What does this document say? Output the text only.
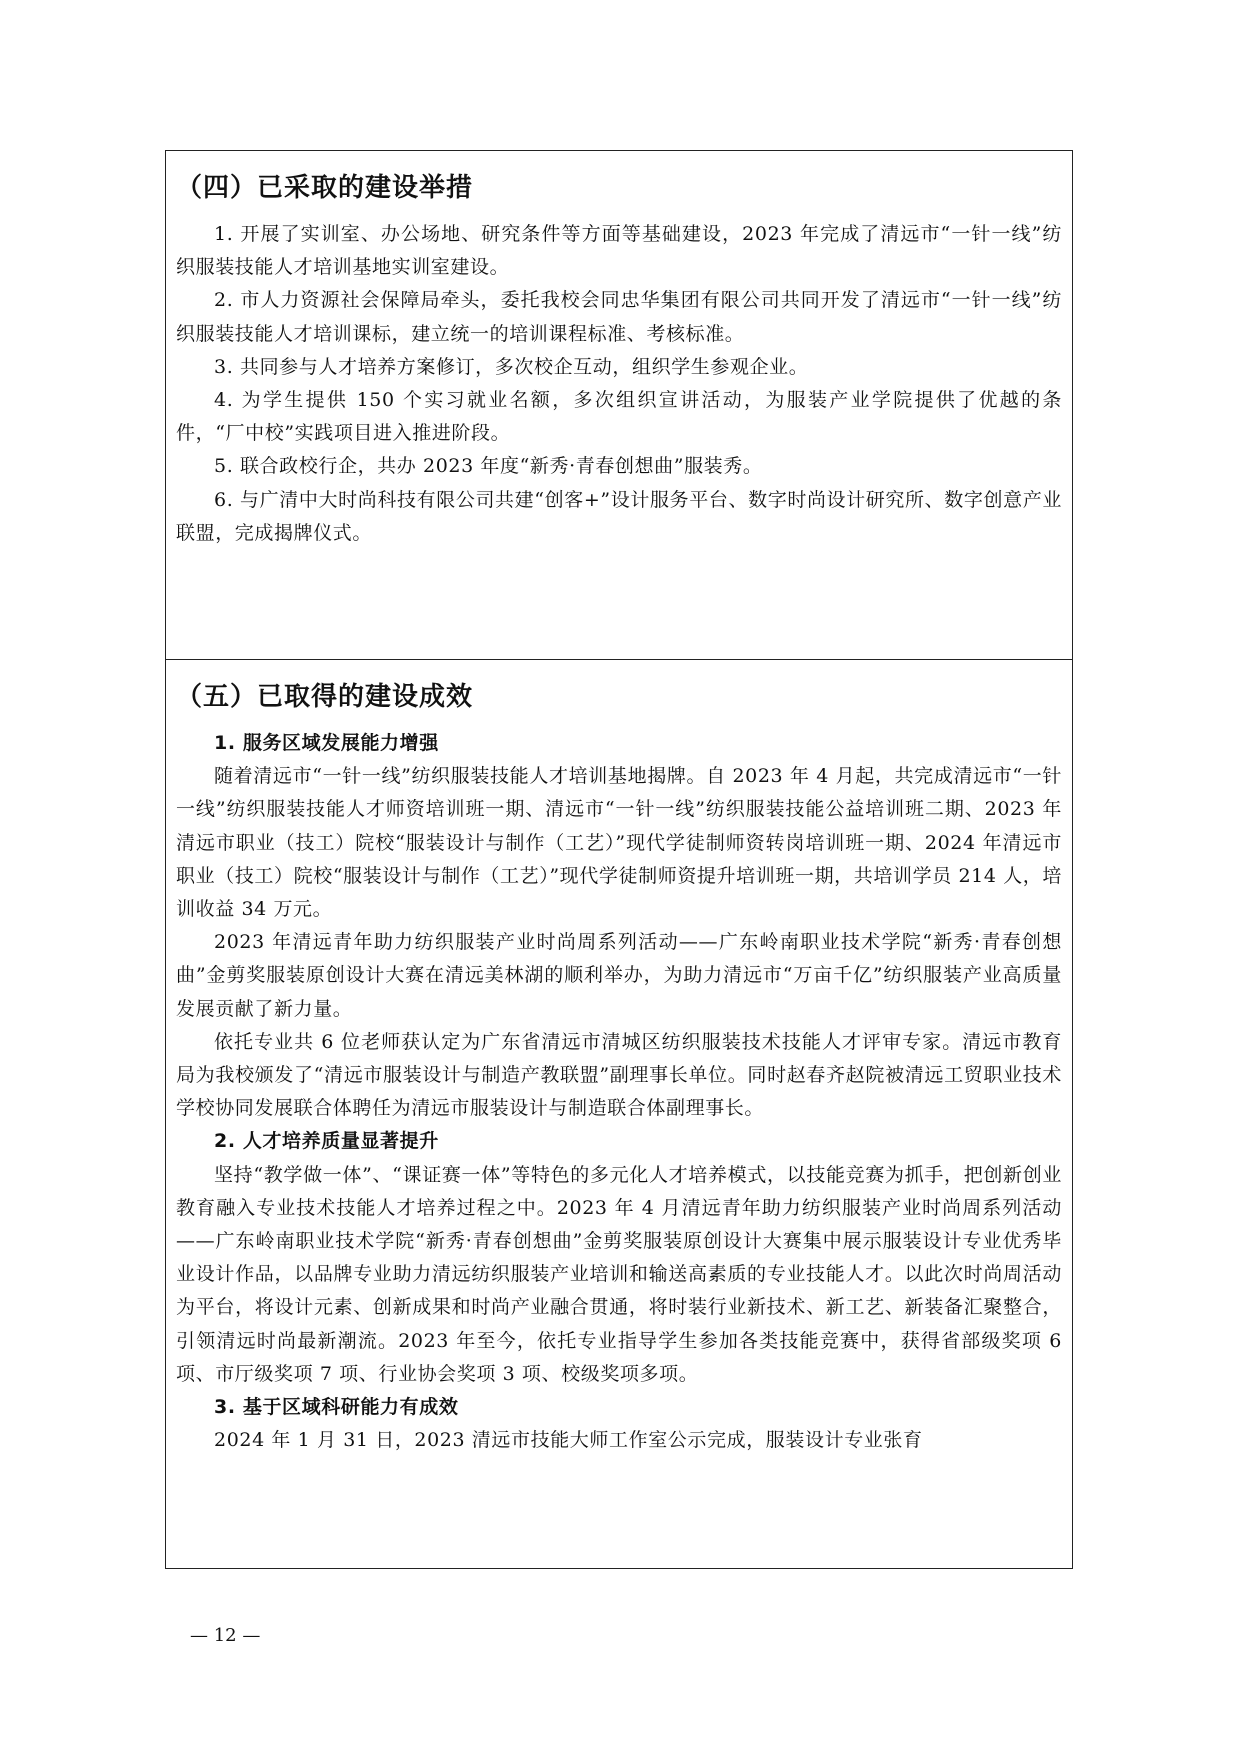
（四）已采取的建设举措

1. 开展了实训室、办公场地、研究条件等方面等基础建设，2023 年完成了清远市“一针一线”纺织服装技能人才培训基地实训室建设。

2. 市人力资源社会保障局牵头，委托我校会同忠华集团有限公司共同开发了清远市“一针一线”纺织服装技能人才培训课标，建立统一的培训课程标准、考核标准。

3. 共同参与人才培养方案修订，多次校企互动，组织学生参观企业。

4. 为学生提供 150 个实习就业名额，多次组织宣讲活动，为服装产业学院提供了优越的条件，“厂中校”实践项目进入推进阶段。

5. 联合政校行企，共办 2023 年度“新秀·青春创想曲”服装秀。

6. 与广清中大时尚科技有限公司共建“创客+”设计服务平台、数字时尚设计研究所、数字创意产业联盟，完成揭牌仪式。

（五）已取得的建设成效

1. 服务区域发展能力增强

随着清远市“一针一线”纺织服装技能人才培训基地揭牌。自 2023 年 4 月起，共完成清远市“一针一线”纺织服装技能人才师资培训班一期、清远市“一针一线”纺织服装技能公益培训班二期、2023 年清远市职业（技工）院校“服装设计与制作（工艺）”现代学徒制师资转岗培训班一期、2024 年清远市职业（技工）院校“服装设计与制作（工艺）”现代学徒制师资提升培训班一期，共培训学员 214 人，培训收益 34 万元。

2023 年清远青年助力纺织服装产业时尚周系列活动——广东岭南职业技术学院“新秀·青春创想曲”金剪奖服装原创设计大赛在清远美林湖的顺利举办，为助力清远市“万亩千亿”纺织服装产业高质量发展贡献了新力量。

依托专业共 6 位老师获认定为广东省清远市清城区纺织服装技术技能人才评审专家。清远市教育局为我校颁发了“清远市服装设计与制造产教联盟”副理事长单位。同时赵春齐赵院被清远工贸职业技术学校协同发展联合体聘任为清远市服装设计与制造联合体副理事长。

2. 人才培养质量显著提升

坚持“教学做一体”、“课证赛一体”等特色的多元化人才培养模式，以技能竞赛为抓手，把创新创业教育融入专业技术技能人才培养过程之中。2023 年 4 月清远青年助力纺织服装产业时尚周系列活动——广东岭南职业技术学院“新秀·青春创想曲”金剪奖服装原创设计大赛集中展示服装设计专业优秀毕业设计作品，以品牌专业助力清远纺织服装产业培训和输送高素质的专业技能人才。以此次时尚周活动为平台，将设计元素、创新成果和时尚产业融合贯通，将时装行业新技术、新工艺、新装备汇聚整合，引领清远时尚最新潮流。2023 年至今，依托专业指导学生参加各类技能竞赛中，获得省部级奖项 6 项、市厅级奖项 7 项、行业协会奖项 3 项、校级奖项多项。

3. 基于区域科研能力有成效

2024 年 1 月 31 日，2023 清远市技能大师工作室公示完成，服装设计专业张育

— 12 —
